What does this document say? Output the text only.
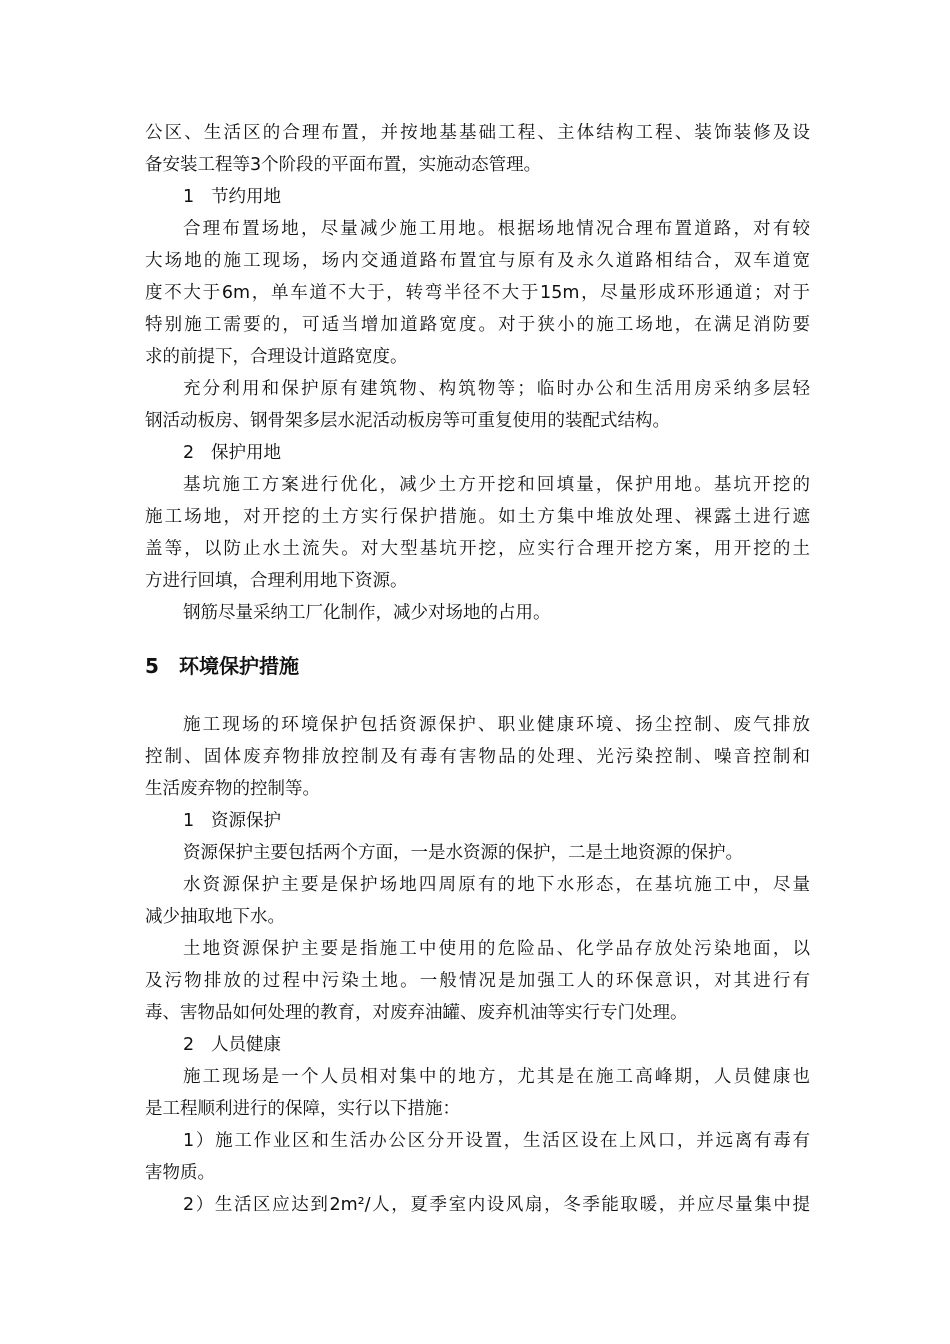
公区、生活区的合理布置，并按地基基础工程、主体结构工程、装饰装修及设
备安装工程等3个阶段的平面布置，实施动态管理。
1 节约用地
合理布置场地，尽量减少施工用地。根据场地情况合理布置道路，对有较
大场地的施工现场，场内交通道路布置宜与原有及永久道路相结合，双车道宽
度不大于6m，单车道不大于，转弯半径不大于15m，尽量形成环形通道；对于
特别施工需要的，可适当增加道路宽度。对于狭小的施工场地，在满足消防要
求的前提下，合理设计道路宽度。
充分利用和保护原有建筑物、构筑物等；临时办公和生活用房采纳多层轻
钢活动板房、钢骨架多层水泥活动板房等可重复使用的装配式结构。
2 保护用地
基坑施工方案进行优化，减少土方开挖和回填量，保护用地。基坑开挖的
施工场地，对开挖的土方实行保护措施。如土方集中堆放处理、裸露土进行遮
盖等，以防止水土流失。对大型基坑开挖，应实行合理开挖方案，用开挖的土
方进行回填，合理利用地下资源。
钢筋尽量采纳工厂化制作，减少对场地的占用。
5 环境保护措施
施工现场的环境保护包括资源保护、职业健康环境、扬尘控制、废气排放
控制、固体废弃物排放控制及有毒有害物品的处理、光污染控制、噪音控制和
生活废弃物的控制等。
1 资源保护
资源保护主要包括两个方面，一是水资源的保护，二是土地资源的保护。
水资源保护主要是保护场地四周原有的地下水形态，在基坑施工中，尽量
减少抽取地下水。
土地资源保护主要是指施工中使用的危险品、化学品存放处污染地面，以
及污物排放的过程中污染土地。一般情况是加强工人的环保意识，对其进行有
毒、害物品如何处理的教育，对废弃油罐、废弃机油等实行专门处理。
2 人员健康
施工现场是一个人员相对集中的地方，尤其是在施工高峰期，人员健康也
是工程顺利进行的保障，实行以下措施：
1）施工作业区和生活办公区分开设置，生活区设在上风口，并远离有毒有
害物质。
2）生活区应达到2m²/人，夏季室内设风扇，冬季能取暖，并应尽量集中提
